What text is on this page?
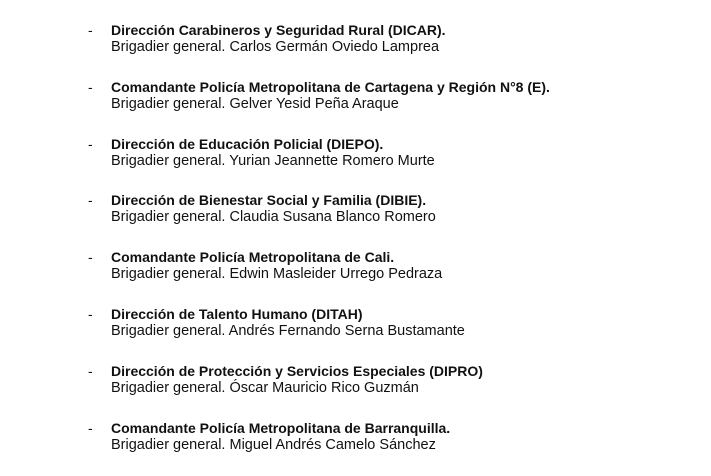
- Dirección Carabineros y Seguridad Rural (DICAR).
Brigadier general. Carlos Germán Oviedo Lamprea
- Comandante Policía Metropolitana de Cartagena y Región N°8 (E).
Brigadier general. Gelver Yesid Peña Araque
- Dirección de Educación Policial (DIEPO).
Brigadier general. Yurian Jeannette Romero Murte
- Dirección de Bienestar Social y Familia (DIBIE).
Brigadier general. Claudia Susana Blanco Romero
- Comandante Policía Metropolitana de Cali.
Brigadier general. Edwin Masleider Urrego Pedraza
- Dirección de Talento Humano (DITAH)
Brigadier general. Andrés Fernando Serna Bustamante
- Dirección de Protección y Servicios Especiales (DIPRO)
Brigadier general. Óscar Mauricio Rico Guzmán
- Comandante Policía Metropolitana de Barranquilla.
Brigadier general. Miguel Andrés Camelo Sánchez
